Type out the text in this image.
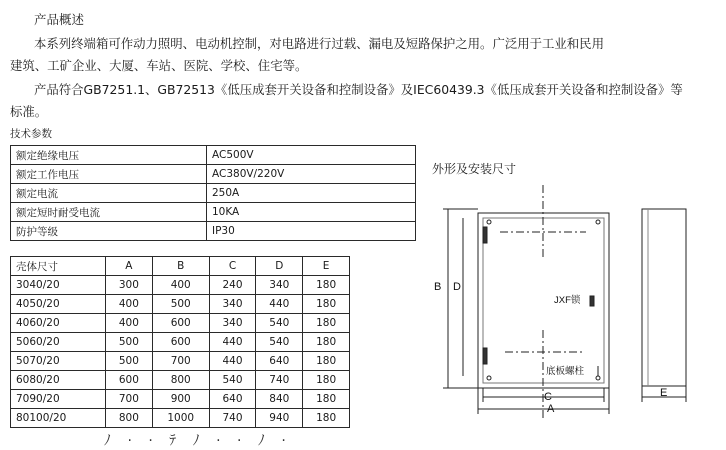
产品概述

本系列终端箱可作动力照明、电动机控制，对电路进行过载、漏电及短路保护之用。广泛用于工业和民用

建筑、工矿企业、大厦、车站、医院、学校、住宅等。

产品符合GB7251.1、GB72513《低压成套开关设备和控制设备》及IEC60439.3《低压成套开关设备和控制设备》等

标准。

技术参数

额定绝缘电压	AC500V
额定工作电压	AC380V/220V
额定电流	250A
额定短时耐受电流	10KA
防护等级	IP30
壳体尺寸	A	B	C	D	E
3040/20	300	400	240	340	180
4050/20	400	500	340	440	180
4060/20	400	600	340	540	180
5060/20	500	600	440	540	180
5070/20	500	700	440	640	180
6080/20	600	800	540	740	180
7090/20	700	900	640	840	180
80100/20	800	1000	740	940	180

外形及安装尺寸

B D
C
A
E
JXF锁
底板螺柱

ﾉ · · ﾃ ﾉ · · ﾉ ·
